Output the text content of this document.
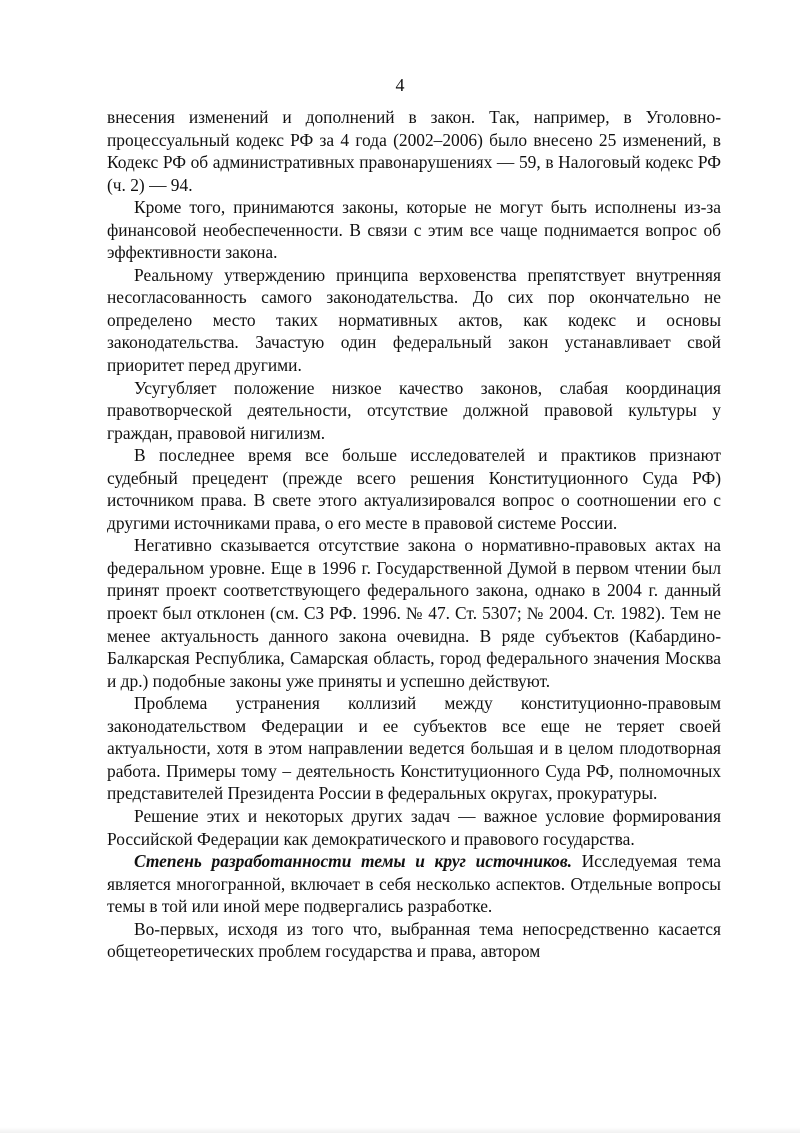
4

внесения изменений и дополнений в закон. Так, например, в Уголовно-процессуальный кодекс РФ за 4 года (2002–2006) было внесено 25 изменений, в Кодекс РФ об административных правонарушениях — 59, в Налоговый кодекс РФ (ч. 2) — 94.

Кроме того, принимаются законы, которые не могут быть исполнены из-за финансовой необеспеченности. В связи с этим все чаще поднимается вопрос об эффективности закона.

Реальному утверждению принципа верховенства препятствует внутренняя несогласованность самого законодательства. До сих пор окончательно не определено место таких нормативных актов, как кодекс и основы законодательства. Зачастую один федеральный закон устанавливает свой приоритет перед другими.

Усугубляет положение низкое качество законов, слабая координация правотворческой деятельности, отсутствие должной правовой культуры у граждан, правовой нигилизм.

В последнее время все больше исследователей и практиков признают судебный прецедент (прежде всего решения Конституционного Суда РФ) источником права. В свете этого актуализировался вопрос о соотношении его с другими источниками права, о его месте в правовой системе России.

Негативно сказывается отсутствие закона о нормативно-правовых актах на федеральном уровне. Еще в 1996 г. Государственной Думой в первом чтении был принят проект соответствующего федерального закона, однако в 2004 г. данный проект был отклонен (см. СЗ РФ. 1996. № 47. Ст. 5307; № 2004. Ст. 1982). Тем не менее актуальность данного закона очевидна. В ряде субъектов (Кабардино-Балкарская Республика, Самарская область, город федерального значения Москва и др.) подобные законы уже приняты и успешно действуют.

Проблема устранения коллизий между конституционно-правовым законодательством Федерации и ее субъектов все еще не теряет своей актуальности, хотя в этом направлении ведется большая и в целом плодотворная работа. Примеры тому – деятельность Конституционного Суда РФ, полномочных представителей Президента России в федеральных округах, прокуратуры.

Решение этих и некоторых других задач — важное условие формирования Российской Федерации как демократического и правового государства.

Степень разработанности темы и круг источников. Исследуемая тема является многогранной, включает в себя несколько аспектов. Отдельные вопросы темы в той или иной мере подвергались разработке.

Во-первых, исходя из того что, выбранная тема непосредственно касается общетеоретических проблем государства и права, автором
